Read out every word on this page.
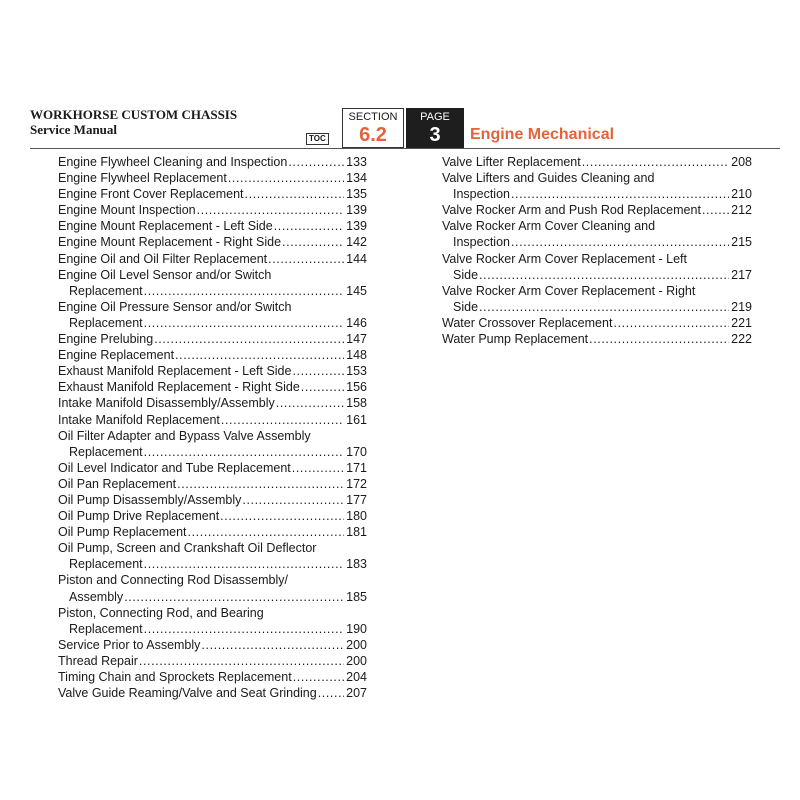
WORKHORSE CUSTOM CHASSIS
Service Manual
TOC
SECTION
6.2
PAGE
3	Engine Mechanical
Engine Flywheel Cleaning and Inspection .....	133
Engine Flywheel Replacement .....	134
Engine Front Cover Replacement .....	135
Engine Mount Inspection .....	139
Engine Mount Replacement - Left Side .....	139
Engine Mount Replacement - Right Side .....	142
Engine Oil and Oil Filter Replacement .....	144
Engine Oil Level Sensor and/or Switch
Replacement .....	145
Engine Oil Pressure Sensor and/or Switch
Replacement .....	146
Engine Prelubing .....	147
Engine Replacement .....	148
Exhaust Manifold Replacement - Left Side .....	153
Exhaust Manifold Replacement - Right Side .....	156
Intake Manifold Disassembly/Assembly .....	158
Intake Manifold Replacement .....	161
Oil Filter Adapter and Bypass Valve Assembly
Replacement .....	170
Oil Level Indicator and Tube Replacement .....	171
Oil Pan Replacement .....	172
Oil Pump Disassembly/Assembly .....	177
Oil Pump Drive Replacement .....	180
Oil Pump Replacement .....	181
Oil Pump, Screen and Crankshaft Oil Deflector
Replacement .....	183
Piston and Connecting Rod Disassembly/
Assembly .....	185
Piston, Connecting Rod, and Bearing
Replacement .....	190
Service Prior to Assembly .....	200
Thread Repair .....	200
Timing Chain and Sprockets Replacement .....	204
Valve Guide Reaming/Valve and Seat Grinding ..... 207
Valve Lifter Replacement .....	208
Valve Lifters and Guides Cleaning and
Inspection .....	210
Valve Rocker Arm and Push Rod Replacement ..... 212
Valve Rocker Arm Cover Cleaning and
Inspection .....	215
Valve Rocker Arm Cover Replacement - Left
Side .....	217
Valve Rocker Arm Cover Replacement - Right
Side .....	219
Water Crossover Replacement .....	221
Water Pump Replacement .....	222
